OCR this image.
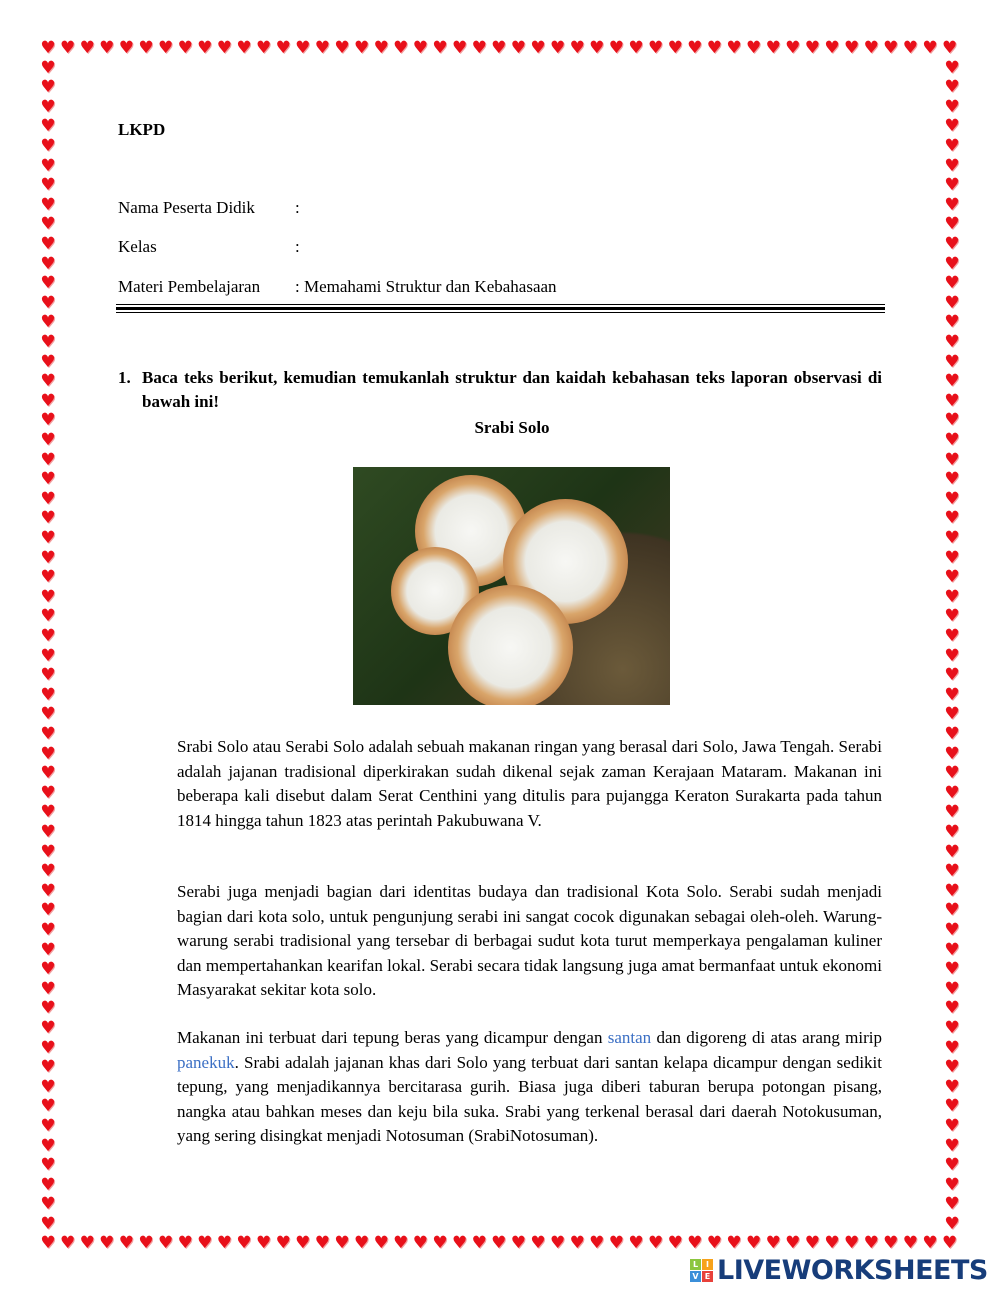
♥
♥
♥
♥
♥
♥
♥
♥
♥
♥
♥
♥
♥
♥
♥
♥
♥
♥
♥
♥
♥
♥
♥
♥
♥
♥
♥
♥
♥
♥
♥
♥
♥
♥
♥
♥
♥
♥
♥
♥
♥
♥
♥
♥
♥
♥
♥
♥
♥
♥
♥
♥
♥
♥
♥
♥
♥
♥
♥
♥
♥
♥
♥
♥
♥
♥
♥
♥
♥
♥
♥
♥
♥
♥
♥
♥
♥
♥
♥
♥
♥
♥
♥
♥
♥
♥
♥
♥
♥
♥
♥
♥
♥
♥
♥	♥
♥	♥
♥	♥
♥	♥
♥	♥
♥	♥
♥	♥
♥	♥
♥	♥
♥	♥
♥	♥
♥	♥
♥	♥
♥	♥
♥	♥
♥	♥
♥	♥
♥	♥
♥	♥
♥	♥
♥	♥
♥	♥
♥	♥
♥	♥
♥	♥
♥	♥
♥	♥
♥	♥
♥	♥
♥	♥
♥	♥
♥	♥
♥	♥
♥	♥
♥	♥
♥	♥
♥	♥
♥	♥
♥	♥
♥	♥
♥	♥
♥	♥
♥	♥
♥	♥
♥	♥
♥	♥
♥	♥
♥	♥
♥	♥
♥	♥
♥	♥
♥	♥
♥	♥
♥	♥
♥	♥
♥	♥
♥	♥
♥	♥
♥	♥
♥	♥
LKPD
Nama Peserta Didik :
Kelas	:
Materi Pembelajaran : Memahami Struktur dan Kebahasaan
1. Baca teks berikut, kemudian temukanlah struktur dan kaidah kebahasan teks laporan observasi di bawah ini!
Srabi Solo
Srabi Solo atau Serabi Solo adalah sebuah makanan ringan yang berasal dari Solo, Jawa Tengah. Serabi adalah jajanan tradisional diperkirakan sudah dikenal sejak zaman Kerajaan Mataram. Makanan ini beberapa kali disebut dalam Serat Centhini yang ditulis para pujangga Keraton Surakarta pada tahun 1814 hingga tahun 1823 atas perintah Pakubuwana V.
Serabi juga menjadi bagian dari identitas budaya dan tradisional Kota Solo. Serabi sudah menjadi bagian dari kota solo, untuk pengunjung serabi ini sangat cocok digunakan sebagai oleh-oleh. Warung-warung serabi tradisional yang tersebar di berbagai sudut kota turut memperkaya pengalaman kuliner dan mempertahankan kearifan lokal. Serabi secara tidak langsung juga amat bermanfaat untuk ekonomi Masyarakat sekitar kota solo.
Makanan ini terbuat dari tepung beras yang dicampur dengan santan dan digoreng di atas arang mirip panekuk. Srabi adalah jajanan khas dari Solo yang terbuat dari santan kelapa dicampur dengan sedikit tepung, yang menjadikannya bercitarasa gurih. Biasa juga diberi taburan berupa potongan pisang, nangka atau bahkan meses dan keju bila suka. Srabi yang terkenal berasal dari daerah Notokusuman, yang sering disingkat menjadi Notosuman (SrabiNotosuman).
L I
V E LIVEWORKSHEETS
